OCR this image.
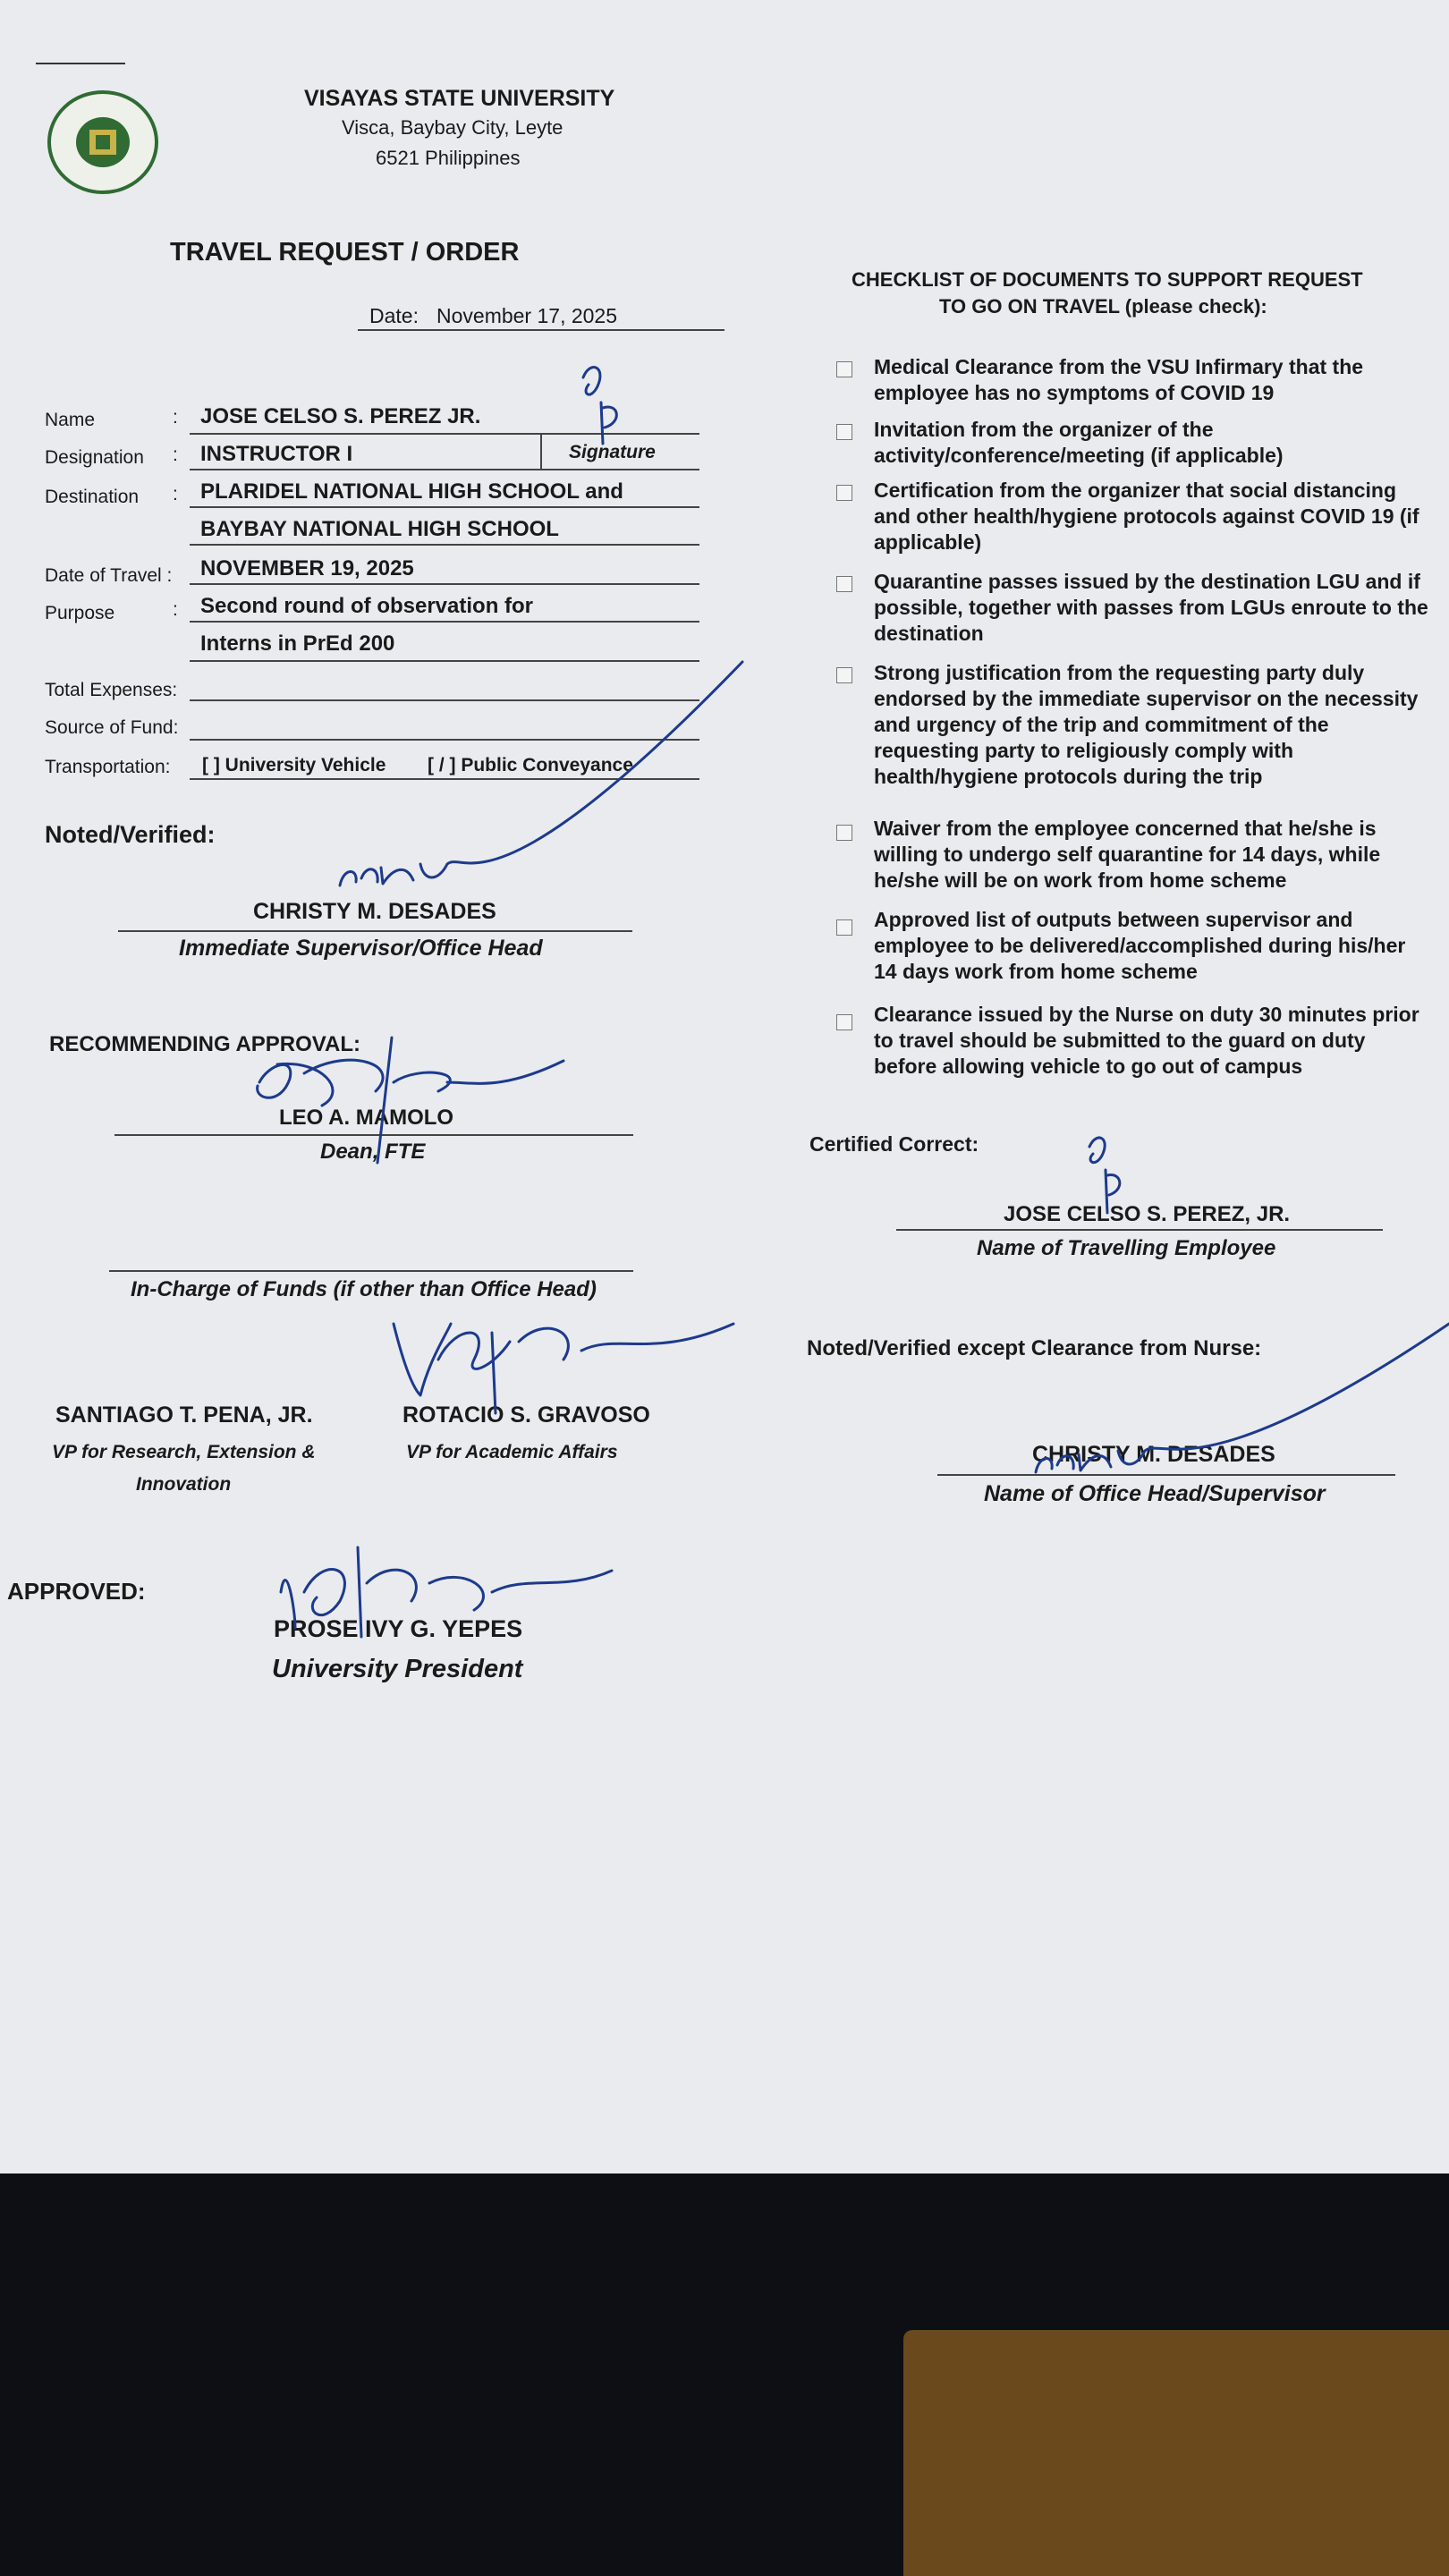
VISAYAS STATE UNIVERSITY
Visca, Baybay City, Leyte
6521 Philippines
TRAVEL REQUEST / ORDER
Date: November 17, 2025
Name	: JOSE CELSO S. PEREZ JR.
Designation : INSTRUCTOR I	Signature
Destination : PLARIDEL NATIONAL HIGH SCHOOL and
BAYBAY NATIONAL HIGH SCHOOL
Date of Travel : NOVEMBER 19, 2025
Purpose	: Second round of observation for
Interns in PrEd 200
Total Expenses:
Source of Fund:
Transportation: [ ] University Vehicle [ / ] Public Conveyance
Noted/Verified:
CHRISTY M. DESADES
Immediate Supervisor/Office Head
RECOMMENDING APPROVAL:
LEO A. MAMOLO
Dean, FTE
In-Charge of Funds (if other than Office Head)
SANTIAGO T. PENA, JR.
VP for Research, Extension &
Innovation
ROTACIO S. GRAVOSO
VP for Academic Affairs
APPROVED:
PROSE IVY G. YEPES
University President
CHECKLIST OF DOCUMENTS TO SUPPORT REQUEST
TO GO ON TRAVEL (please check):
Medical Clearance from the VSU Infirmary that the employee has no symptoms of COVID 19
Invitation from the organizer of the activity/conference/meeting (if applicable)
Certification from the organizer that social distancing and other health/hygiene protocols against COVID 19 (if applicable)
Quarantine passes issued by the destination LGU and if possible, together with passes from LGUs enroute to the destination
Strong justification from the requesting party duly endorsed by the immediate supervisor on the necessity and urgency of the trip and commitment of the requesting party to religiously comply with health/hygiene protocols during the trip
Waiver from the employee concerned that he/she is willing to undergo self quarantine for 14 days, while he/she will be on work from home scheme
Approved list of outputs between supervisor and employee to be delivered/accomplished during his/her 14 days work from home scheme
Clearance issued by the Nurse on duty 30 minutes prior to travel should be submitted to the guard on duty before allowing vehicle to go out of campus
Certified Correct:
JOSE CELSO S. PEREZ, JR.
Name of Travelling Employee
Noted/Verified except Clearance from Nurse:
CHRISTY M. DESADES
Name of Office Head/Supervisor
